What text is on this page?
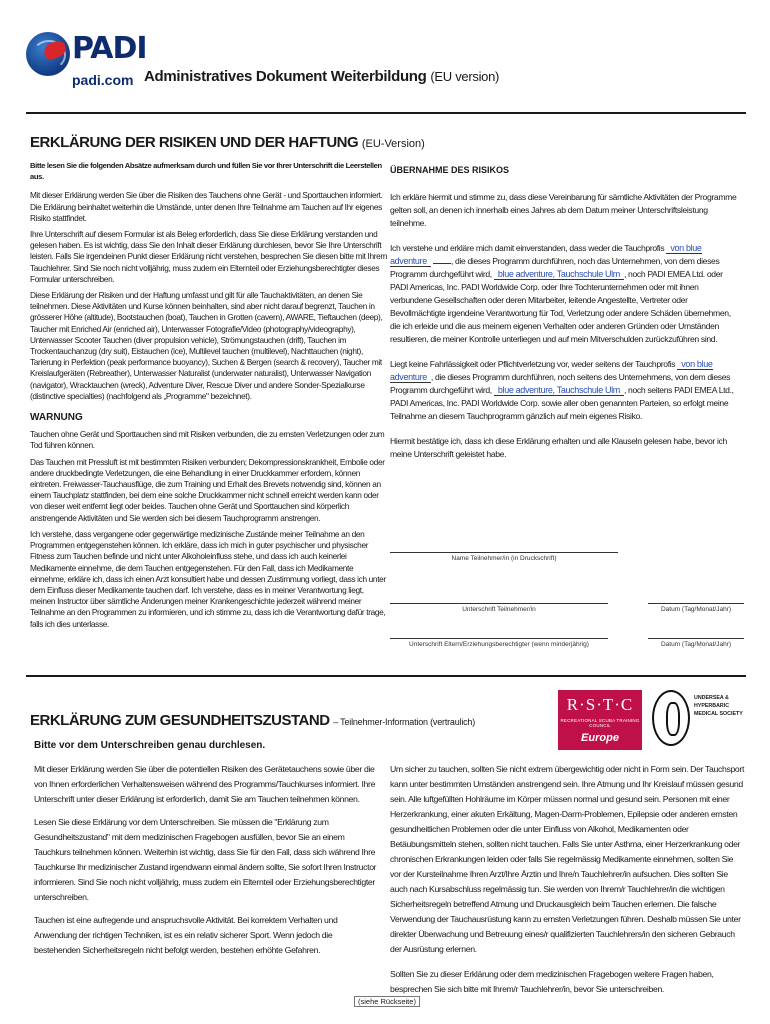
PADI
padi.com Administratives Dokument Weiterbildung (EU version)
ERKLÄRUNG DER RISIKEN UND DER HAFTUNG (EU-Version)

Bitte lesen Sie die folgenden Absätze aufmerksam durch und füllen Sie vor Ihrer Unterschrift die Leerstellen aus.

Mit dieser Erklärung werden Sie über die Risiken des Tauchens ohne Gerät - und Sporttauchen informiert. Die Erklärung beinhaltet weiterhin die Umstände, unter denen Ihre Teilnahme am Tauchen auf Ihr eigenes Risiko stattfindet.

Ihre Unterschrift auf diesem Formular ist als Beleg erforderlich, dass Sie diese Erklärung verstanden und gelesen haben. Es ist wichtig, dass Sie den Inhalt dieser Erklärung durchlesen, bevor Sie Ihre Unterschrift leisten. Falls Sie irgendeinen Punkt dieser Erklärung nicht verstehen, besprechen Sie diesen bitte mit Ihrem Tauchlehrer. Sind Sie noch nicht volljährig, muss zudem ein Elternteil oder Erziehungsberechtigter dieses Formular unterschreiben.

Diese Erklärung der Risiken und der Haftung umfasst und gilt für alle Tauchaktivitäten, an denen Sie teilnehmen. Diese Aktivitäten und Kurse können beinhalten, sind aber nicht darauf begrenzt, Tauchen in grösserer Höhe (altitude), Bootstauchen (boat), Tauchen in Grotten (cavern), AWARE, Tieftauchen (deep), Taucher mit Enriched Air (enriched air), Unterwasser Fotografie/Video (photography/videography), Unterwasser Scooter Tauchen (diver propulsion vehicle), Strömungstauchen (drift), Tauchen im Trockentauchanzug (dry suit), Eistauchen (ice), Multilevel tauchen (multilevel), Nachttauchen (night), Tarierung in Perfektion (peak performance buoyancy), Suchen & Bergen (search & recovery), Taucher mit Kreislaufgeräten (Rebreather), Unterwasser Naturalist (underwater naturalist), Unterwasser Navigation (navigator), Wracktauchen (wreck), Adventure Diver, Rescue Diver und andere Sonder-Spezialkurse (distinctive specialties) (nachfolgend als „Programme" bezeichnet).

WARNUNG

Tauchen ohne Gerät und Sporttauchen sind mit Risiken verbunden, die zu ernsten Verletzungen oder zum Tod führen können.

Das Tauchen mit Pressluft ist mit bestimmten Risiken verbunden; Dekompressionskrankheit, Embolie oder andere druckbedingte Verletzungen, die eine Behandlung in einer Druckkammer erfordern, können eintreten. Freiwasser-Tauchausflüge, die zum Training und Erhalt des Brevets notwendig sind, können an einem Tauchplatz stattfinden, bei dem eine solche Druckkammer nicht schnell erreicht werden kann oder von dieser weit entfernt liegt oder beides. Tauchen ohne Gerät und Sporttauchen sind körperlich anstrengende Aktivitäten und Sie werden sich bei diesem Tauchprogramm anstrengen.

Ich verstehe, dass vergangene oder gegenwärtige medizinische Zustände meiner Teilnahme an den Programmen entgegenstehen können. Ich erkläre, dass ich mich in guter psychischer und physischer Fitness zum Tauchen befinde und nicht unter Alkoholeinfluss stehe, und dass ich auch keinerlei Medikamente einnehme, die dem Tauchen entgegenstehen. Für den Fall, dass ich Medikamente einnehme, erkläre ich, dass ich einen Arzt konsultiert habe und dessen Zustimmung vorliegt, dass ich unter dem Einfluss dieser Medikamente tauchen darf. Ich verstehe, dass es in meiner Verantwortung liegt, meinen Instructor über sämtliche Änderungen meiner Krankengeschichte jederzeit während meiner Teilnahme an den Programmen zu informieren, und ich stimme zu, dass ich die Verantwortung dafür trage, falls ich dies unterlasse.

ÜBERNAHME DES RISIKOS

Ich erkläre hiermit und stimme zu, dass diese Vereinbarung für sämtliche Aktivitäten der Programme gelten soll, an denen ich innerhalb eines Jahres ab dem Datum meiner Unterschriftsleistung teilnehme.

Ich verstehe und erkläre mich damit einverstanden, dass weder die Tauchprofis von blue adventure	, die dieses Programm durchführen, noch das Unternehmen, von dem dieses Programm durchgeführt wird, blue adventure, Tauchschule Ulm , noch PADI EMEA Ltd. oder PADI Americas, Inc. PADI Worldwide Corp. oder Ihre Tochterunternehmen oder mit ihnen verbundene Gesellschaften oder deren Mitarbeiter, leitende Angestellte, Vertreter oder Bevollmächtigte irgendeine Verantwortung für Tod, Verletzung oder andere Schäden übernehmen, die ich erleide und die aus meinem eigenen Verhalten oder anderen Gründen oder Umständen resultieren, die meiner Kontrolle unterliegen und auf mein Mitverschulden zurückzuführen sind.

Liegt keine Fahrlässigkeit oder Pflichtverletzung vor, weder seitens der Tauchprofis von blue adventure , die dieses Programm durchführen, noch seitens des Unternehmens, von dem dieses Programm durchgeführt wird, blue adventure, Tauchschule Ulm , noch seitens PADI EMEA Ltd., PADI Americas, Inc. PADI Worldwide Corp. sowie aller oben genannten Parteien, so erfolgt meine Teilnahme an diesem Tauchprogramm gänzlich auf mein eigenes Risiko.

Hiermit bestätige ich, dass ich diese Erklärung erhalten und alle Klauseln gelesen habe, bevor ich meine Unterschrift geleistet habe.

Name Teilnehmer/in (in Druckschrift)
Unterschrift Teilnehmer/in	Datum (Tag/Monat/Jahr)
Unterschrift Eltern/Erziehungsberechtigter (wenn minderjährig)	Datum (Tag/Monat/Jahr)
R·S·T·C
RECREATIONAL SCUBA TRAINING COUNCIL
Europe
UNDERSEA &
HYPERBARIC
MEDICAL SOCIETY
ERKLÄRUNG ZUM GESUNDHEITSZUSTAND – Teilnehmer-Information (vertraulich)
Bitte vor dem Unterschreiben genau durchlesen.

Mit dieser Erklärung werden Sie über die potentiellen Risiken des Gerätetauchens sowie über die von Ihnen erforderlichen Verhaltensweisen während des Programms/Tauchkurses informiert. Ihre Unterschrift unter dieser Erklärung ist erforderlich, damit Sie am Tauchen teilnehmen können.

Lesen Sie diese Erklärung vor dem Unterschreiben. Sie müssen die "Erklärung zum Gesundheitszustand" mit dem medizinischen Fragebogen ausfüllen, bevor Sie an einem Tauchkurs teilnehmen können. Weiterhin ist wichtig, dass Sie für den Fall, dass sich während Ihre Tauchkurse Ihr medizinischer Zustand irgendwann einmal ändern sollte, Sie sofort Ihren Instructor informieren. Sind Sie noch nicht volljährig, muss zudem ein Elternteil oder Erziehungsberechtigter unterschreiben.

Tauchen ist eine aufregende und anspruchsvolle Aktivität. Bei korrektem Verhalten und Anwendung der richtigen Techniken, ist es ein relativ sicherer Sport. Wenn jedoch die bestehenden Sicherheitsregeln nicht befolgt werden, bestehen erhöhte Gefahren.

Um sicher zu tauchen, sollten Sie nicht extrem übergewichtig oder nicht in Form sein. Der Tauchsport kann unter bestimmten Umständen anstrengend sein. Ihre Atmung und Ihr Kreislauf müssen gesund sein. Alle luftgefüllten Hohlräume im Körper müssen normal und gesund sein. Personen mit einer Herzerkrankung, einer akuten Erkältung, Magen-Darm-Problemen, Epilepsie oder anderen ernsten gesundheitlichen Problemen oder die unter Einfluss von Alkohol, Medikamenten oder Betäubungsmitteln stehen, sollten nicht tauchen. Falls Sie unter Asthma, einer Herzerkrankung oder chronischen Erkrankungen leiden oder falls Sie regelmässig Medikamente einnehmen, sollten Sie vor der Kursteilnahme Ihren Arzt/Ihre Ärztin und Ihre/n Tauchlehrer/in aufsuchen. Dies sollten Sie auch nach Kursabschluss regelmässig tun. Sie werden von Ihrem/r Tauchlehrer/in die wichtigen Sicherheitsregeln betreffend Atmung und Druckausgleich beim Tauchen erlernen. Die falsche Verwendung der Tauchausrüstung kann zu ernsten Verletzungen führen. Deshalb müssen Sie unter direkter Überwachung und Betreuung eines/r qualifizierten Tauchlehrers/in den sicheren Gebrauch der Ausrüstung erlernen.

Sollten Sie zu dieser Erklärung oder dem medizinischen Fragebogen weitere Fragen haben, besprechen Sie sich bitte mit Ihrem/r Tauchlehrer/in, bevor Sie unterschreiben.

(siehe Rückseite)
